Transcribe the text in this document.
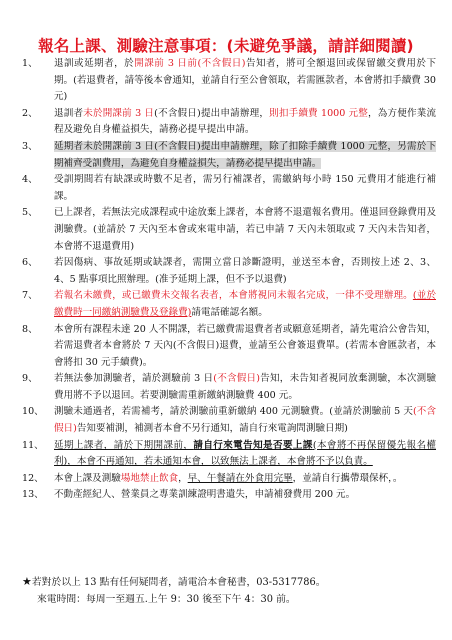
報名上課、測驗注意事項：(未避免爭議，請詳細閱讀)
1、	退訓或延期者，於開課前 3 日前(不含假日)告知者，將可全額退回或保留繳交費用於下期。(若退費者，請等後本會通知，並請自行至公會領取，若需匯款者，本會將扣手續費 30 元)
2、	退訓者未於開課前 3 日(不含假日)提出申請辦理，則扣手續費 1000 元整，為方便作業流程及避免自身權益損失，請務必提早提出申請。
3、	延期者未於開課前 3 日(不含假日)提出申請辦理，除了扣除手續費 1000 元整，另需於下期補齊受訓費用，為避免自身權益損失，請務必提早提出申請。
4、	受訓期間若有缺課或時數不足者，需另行補課者，需繳納每小時 150 元費用才能進行補課。
5、	已上課者，若無法完成課程或中途放棄上課者，本會將不退還報名費用。僅退回登錄費用及測驗費。(並請於 7 天內至本會或來電申請，若已申請 7 天內未領取或 7 天內未告知者，本會將不退還費用)
6、	若因傷病、事故延期或缺課者，需開立當日診斷證明，並送至本會，否則按上述 2、3、4、5 點事項比照辦理。(准予延期上課，但不予以退費)
7、	若報名未繳費，或已繳費未交報名表者，本會將視同未報名完成，一律不受理辦理。(並於繳費時一同繳納測驗費及登錄費)請電話確認名額。
8、	本會所有課程未達 20 人不開課，若已繳費需退費者者或願意延期者，請先電洽公會告知，若需退費者本會將於 7 天內(不含假日)退費，並請至公會簽退費單。(若需本會匯款者，本會將扣 30 元手續費)。
9、	若無法參加測驗者，請於測驗前 3 日(不含假日)告知，未告知者視同放棄測驗，本次測驗費用將不予以退回。若要測驗需重新繳納測驗費 400 元。
10、	測驗未通過者，若需補考，請於測驗前重新繳納 400 元測驗費。(並請於測驗前 5 天(不含假日)告知要補測，補測者本會不另行通知，請自行來電詢問測驗日期)
11、	延期上課者，請於下期開課前，請自行來電告知是否要上課(本會將不再保留優先報名權利)，本會不再通知，若未通知本會，以致無法上課者，本會將不予以負責。
12、	本會上課及測驗場地禁止飲食，早、午餐請在外食用完畢，並請自行攜帶環保杯，。
13、	不動產經紀人、營業員之專業訓練證明書遺失，申請補發費用 200 元。
★若對於以上 13 點有任何疑問者，請電洽本會秘書，03-5317786。
來電時間：每周一至週五.上午 9：30 後至下午 4：30 前。
